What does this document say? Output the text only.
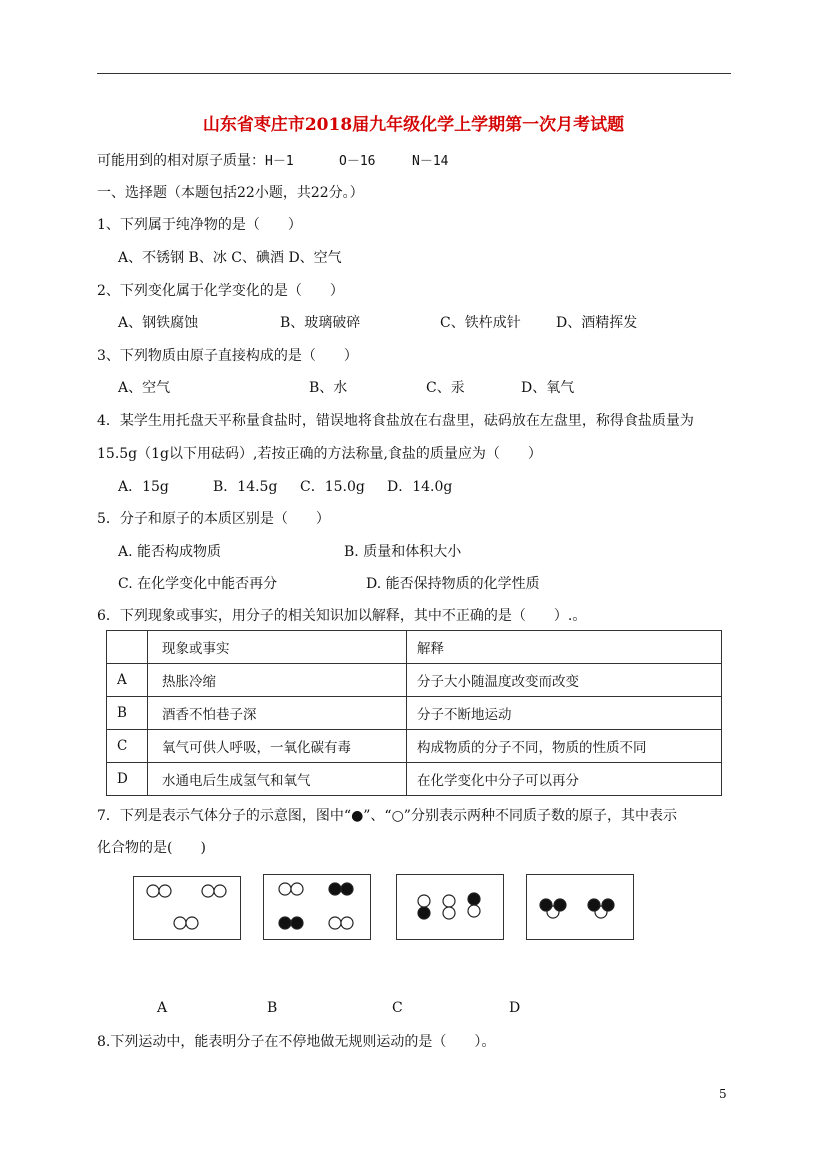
山东省枣庄市2018届九年级化学上学期第一次月考试题
可能用到的相对原子质量：H－1	O－16	N－14
一、选择题（本题包括22小题，共22分。）
1、下列属于纯净物的是（　　）
A、不锈钢 B、冰 C、碘酒 D、空气
2、下列变化属于化学变化的是（　　）
A、钢铁腐蚀	B、玻璃破碎	C、铁杵成针	D、酒精挥发
3、下列物质由原子直接构成的是（　　）
A、空气	B、水	C、汞	D、氧气
4．某学生用托盘天平称量食盐时，错误地将食盐放在右盘里，砝码放在左盘里，称得食盐质量为
15.5g（1g以下用砝码）,若按正确的方法称量,食盐的质量应为（　　）
A．15g	B．14.5g C．15.0g D．14.0g
5．分子和原子的本质区别是（　　）
A. 能否构成物质	B. 质量和体积大小
C. 在化学变化中能否再分	D. 能否保持物质的化学性质
6．下列现象或事实，用分子的相关知识加以解释，其中不正确的是（　　）.。
	现象或事实	解释
A	热胀冷缩	分子大小随温度改变而改变
B	酒香不怕巷子深	分子不断地运动
C	氧气可供人呼吸，一氧化碳有毒	构成物质的分子不同，物质的性质不同
D	水通电后生成氢气和氧气	在化学变化中分子可以再分
7．下列是表示气体分子的示意图，图中“●”、“○”分别表示两种不同质子数的原子，其中表示
化合物的是(　　)
A	B	C	D
8.下列运动中，能表明分子在不停地做无规则运动的是（　　）。
5
